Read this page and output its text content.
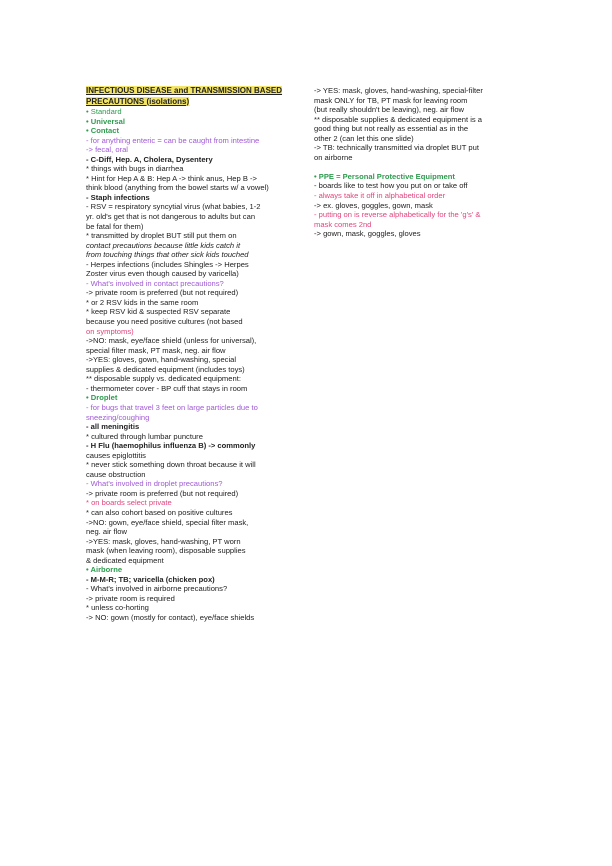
INFECTIOUS DISEASE and TRANSMISSION BASED
PRECAUTIONS (isolations)
• Standard
• Universal
• Contact
- for anything enteric = can be caught from intestine
-> fecal, oral
- C-Diff, Hep. A, Cholera, Dysentery
* things with bugs in diarrhea
* Hint for Hep A & B: Hep A -> think anus, Hep B ->
think blood (anything from the bowel starts w/ a vowel)
- Staph infections
- RSV = respiratory syncytial virus (what babies, 1-2
yr. old's get that is not dangerous to adults but can
be fatal for them)
* transmitted by droplet BUT still put them on
contact precautions because little kids catch it
from touching things that other sick kids touched
- Herpes infections (includes Shingles -> Herpes
Zoster virus even though caused by varicella)
- What's involved in contact precautions?
-> private room is preferred (but not required)
* or 2 RSV kids in the same room
* keep RSV kid & suspected RSV separate
because you need positive cultures (not based
on symptoms)
->NO: mask, eye/face shield (unless for universal),
special filter mask, PT mask, neg. air flow
->YES: gloves, gown, hand-washing, special
supplies & dedicated equipment (includes toys)
** disposable supply vs. dedicated equipment:
- thermometer cover - BP cuff that stays in room
• Droplet
- for bugs that travel 3 feet on large particles due to
sneezing/coughing
- all meningitis
* cultured through lumbar puncture
- H Flu (haemophilus influenza B) -> commonly
causes epiglottitis
* never stick something down throat because it will
cause obstruction
- What's involved in droplet precautions?
-> private room is preferred (but not required)
* on boards select private
* can also cohort based on positive cultures
->NO: gown, eye/face shield, special filter mask,
neg. air flow
->YES: mask, gloves, hand-washing, PT worn
mask (when leaving room), disposable supplies
& dedicated equipment
• Airborne
- M-M-R; TB; varicella (chicken pox)
- What's involved in airborne precautions?
-> private room is required
* unless co-horting
-> NO: gown (mostly for contact), eye/face shields
-> YES: mask, gloves, hand-washing, special-filter
mask ONLY for TB, PT mask for leaving room
(but really shouldn't be leaving), neg. air flow
** disposable supplies & dedicated equipment is a
good thing but not really as essential as in the
other 2 (can let this one slide)
-> TB: technically transmitted via droplet BUT put
on airborne

• PPE = Personal Protective Equipment
- boards like to test how you put on or take off
- always take it off in alphabetical order
-> ex. gloves, goggles, gown, mask
- putting on is reverse alphabetically for the 'g's' &
mask comes 2nd
-> gown, mask, goggles, gloves
